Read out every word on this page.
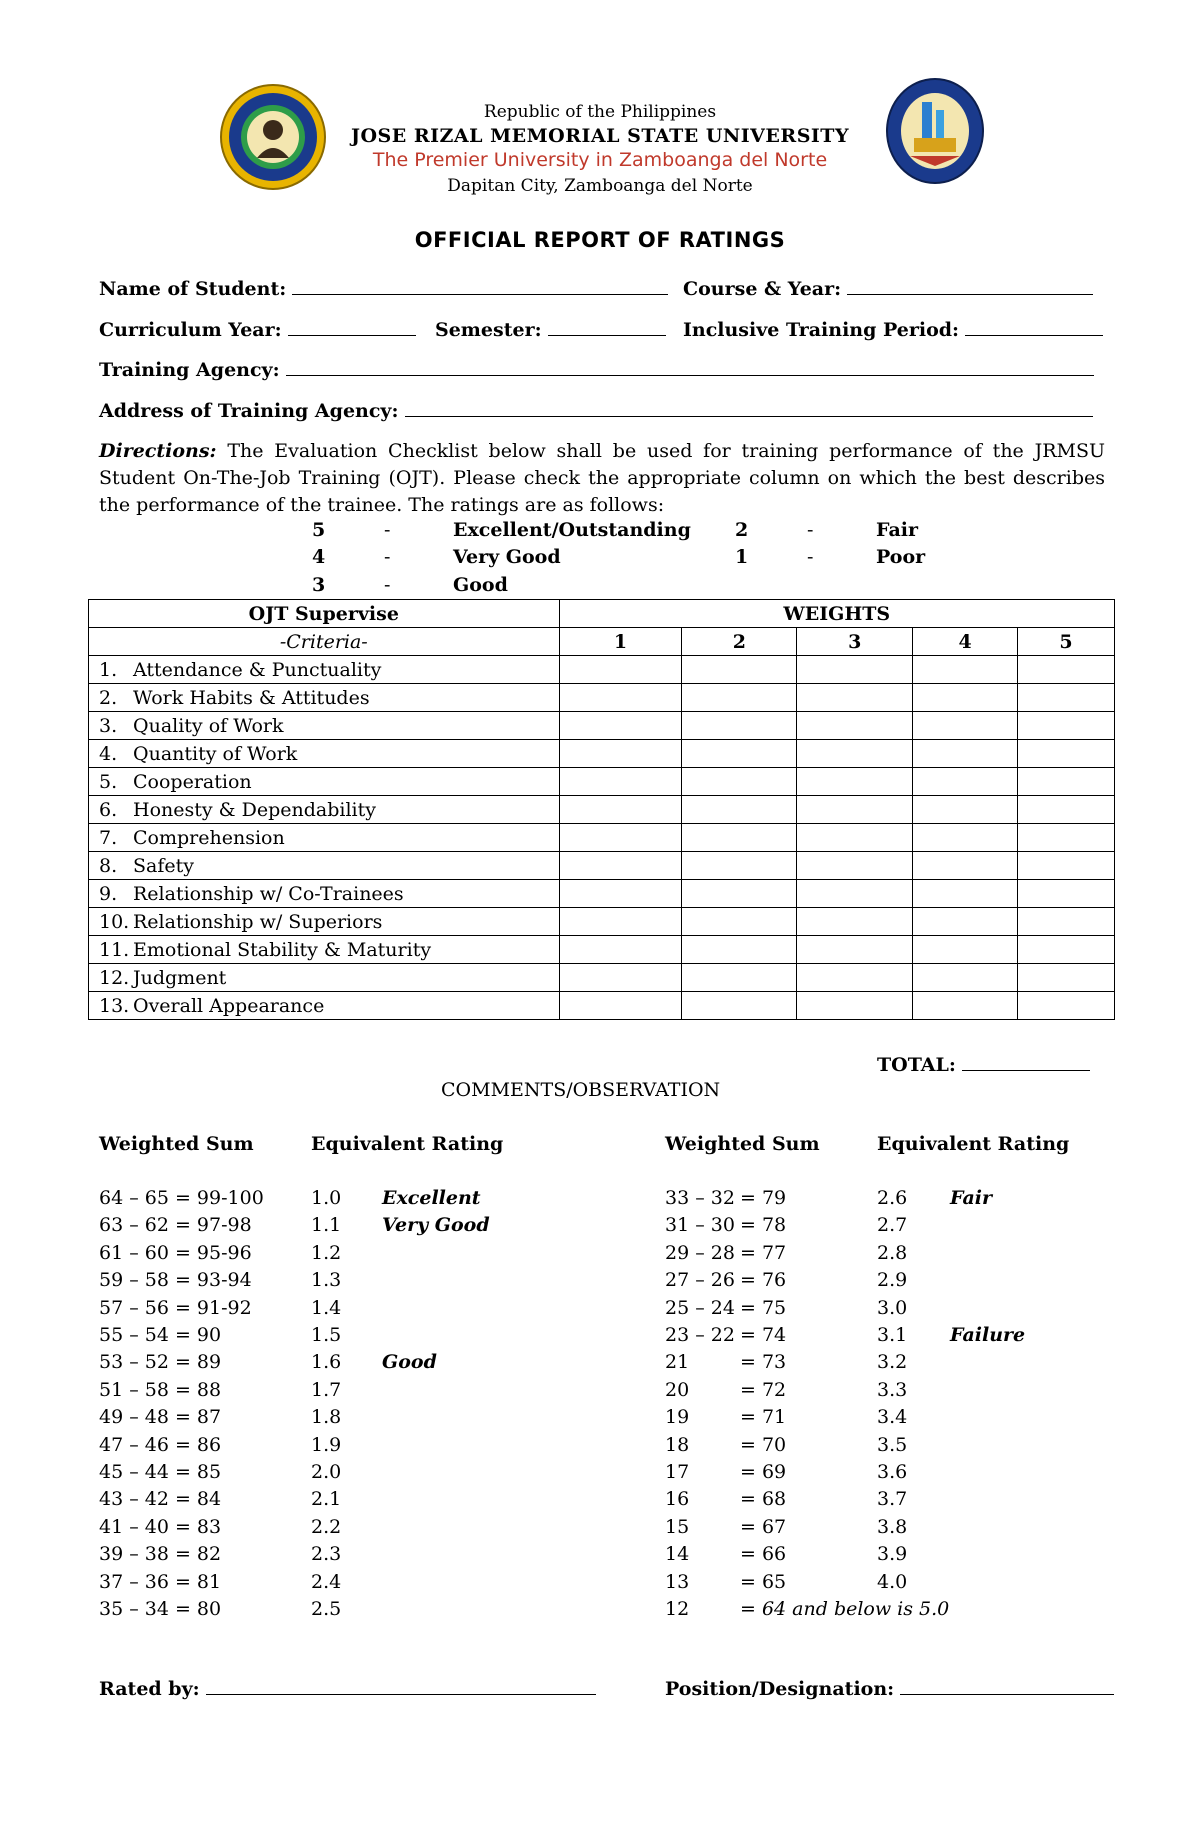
Republic of the Philippines
JOSE RIZAL MEMORIAL STATE UNIVERSITY
The Premier University in Zamboanga del Norte
Dapitan City, Zamboanga del Norte
OFFICIAL REPORT OF RATINGS
Name of Student:	Course & Year:
Curriculum Year:	Semester:	Inclusive Training Period:
Training Agency:
Address of Training Agency:
Directions: The Evaluation Checklist below shall be used for training performance of the JRMSU Student On-The-Job Training (OJT). Please check the appropriate column on which the best describes the performance of the trainee. The ratings are as follows:
5	-	Excellent/Outstanding
4	-	Very Good
3	-	Good
2	-	Fair
1	-	Poor
OJT Supervise	WEIGHTS				
-Criteria-	1	2	3	4	5
1. Attendance & Punctuality					
2. Work Habits & Attitudes					
3. Quality of Work					
4. Quantity of Work					
5. Cooperation					
6. Honesty & Dependability					
7. Comprehension					
8. Safety					
9. Relationship w/ Co-Trainees					
10. Relationship w/ Superiors					
11. Emotional Stability & Maturity					
12. Judgment					
13. Overall Appearance					
TOTAL:
COMMENTS/OBSERVATION
Weighted Sum	Equivalent Rating	Weighted Sum	Equivalent Rating
64 – 65 = 99-100 1.0 Excellent
63 – 62 = 97-98	1.1 Very Good
61 – 60 = 95-96	1.2
59 – 58 = 93-94	1.3
57 – 56 = 91-92	1.4
55 – 54 = 90	1.5
53 – 52 = 89	1.6 Good
51 – 58 = 88	1.7
49 – 48 = 87	1.8
47 – 46 = 86	1.9
45 – 44 = 85	2.0
43 – 42 = 84	2.1
41 – 40 = 83	2.2
39 – 38 = 82	2.3
37 – 36 = 81	2.4
35 – 34 = 80	2.5
33 – 32 = 79	2.6 Fair
31 – 30 = 78	2.7
29 – 28 = 77	2.8
27 – 26 = 76	2.9
25 – 24 = 75	3.0
23 – 22 = 74	3.1 Failure
21	= 73	3.2
20	= 72	3.3
19	= 71	3.4
18	= 70	3.5
17	= 69	3.6
16	= 68	3.7
15	= 67	3.8
14	= 66	3.9
13	= 65	4.0
12	= 64 and below is 5.0
Rated by:	Position/Designation:
